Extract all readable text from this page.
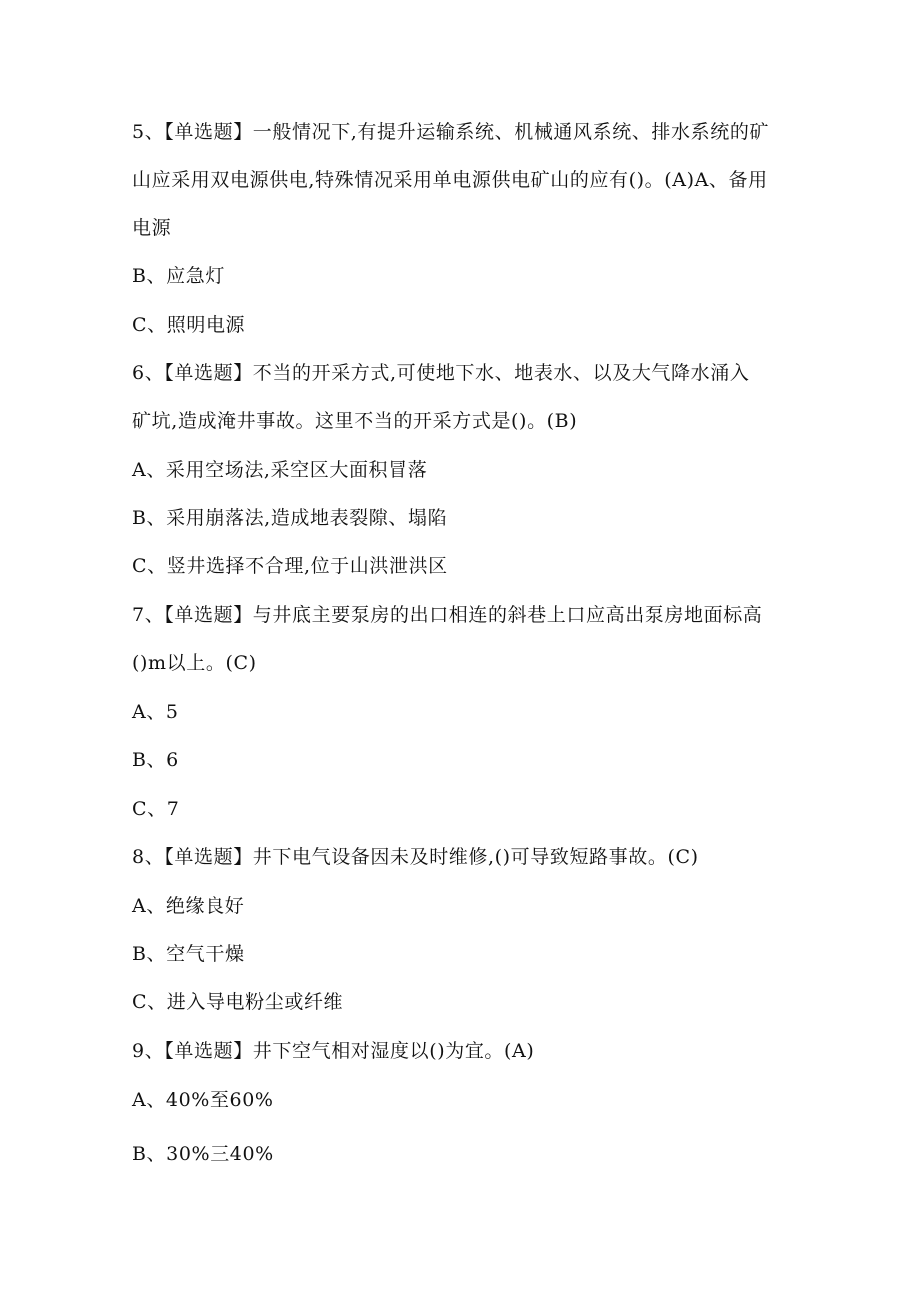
5、【单选题】一般情况下,有提升运输系统、机械通风系统、排水系统的矿
山应采用双电源供电,特殊情况采用单电源供电矿山的应有()。(A)A、备用
电源
B、应急灯
C、照明电源
6、【单选题】不当的开采方式,可使地下水、地表水、以及大气降水涌入
矿坑,造成淹井事故。这里不当的开采方式是()。(B)
A、采用空场法,采空区大面积冒落
B、采用崩落法,造成地表裂隙、塌陷
C、竖井选择不合理,位于山洪泄洪区
7、【单选题】与井底主要泵房的出口相连的斜巷上口应高出泵房地面标高
()m以上。(C)
A、5
B、6
C、7
8、【单选题】井下电气设备因未及时维修,()可导致短路事故。(C)
A、绝缘良好
B、空气干燥
C、进入导电粉尘或纤维
9、【单选题】井下空气相对湿度以()为宜。(A)
A、40%至60%
B、30%三40%
